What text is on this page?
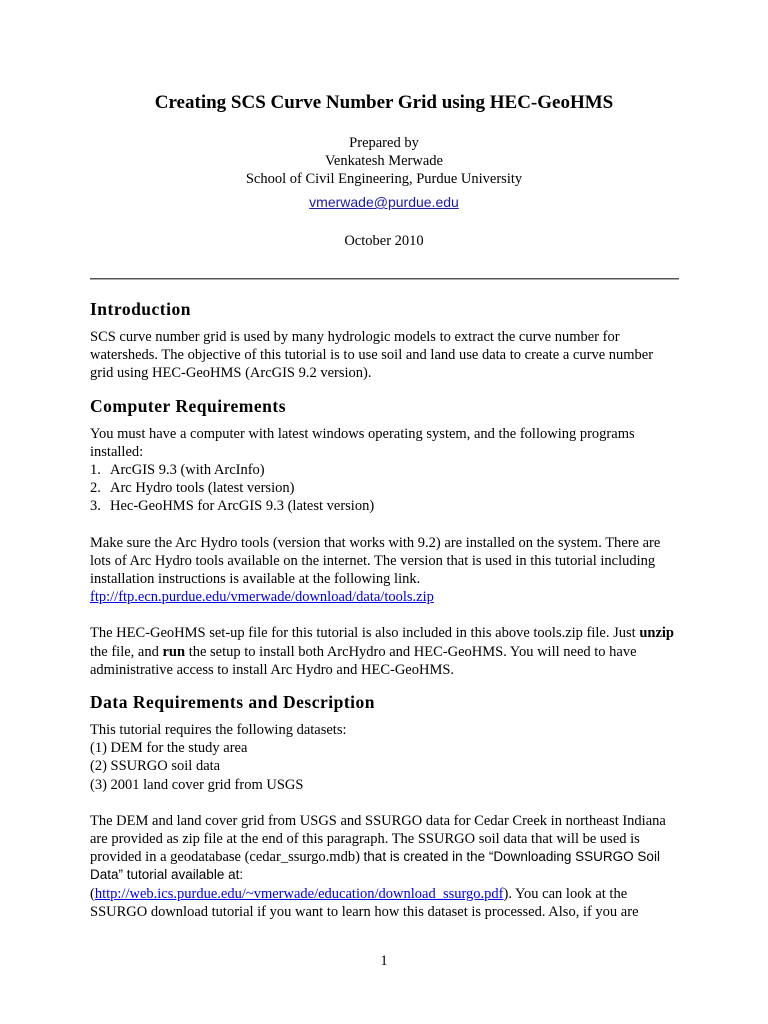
Creating SCS Curve Number Grid using HEC-GeoHMS
Prepared by
Venkatesh Merwade
School of Civil Engineering, Purdue University
vmerwade@purdue.edu
October 2010
Introduction

SCS curve number grid is used by many hydrologic models to extract the curve number for watersheds. The objective of this tutorial is to use soil and land use data to create a curve number grid using HEC-GeoHMS (ArcGIS 9.2 version).

Computer Requirements

You must have a computer with latest windows operating system, and the following programs installed:

1. ArcGIS 9.3 (with ArcInfo)
2. Arc Hydro tools (latest version)
3. Hec-GeoHMS for ArcGIS 9.3 (latest version)

Make sure the Arc Hydro tools (version that works with 9.2) are installed on the system. There are lots of Arc Hydro tools available on the internet. The version that is used in this tutorial including installation instructions is available at the following link. ftp://ftp.ecn.purdue.edu/vmerwade/download/data/tools.zip

The HEC-GeoHMS set-up file for this tutorial is also included in this above tools.zip file. Just unzip the file, and run the setup to install both ArcHydro and HEC-GeoHMS. You will need to have administrative access to install Arc Hydro and HEC-GeoHMS.

Data Requirements and Description

This tutorial requires the following datasets:

(1) DEM for the study area
(2) SSURGO soil data
(3) 2001 land cover grid from USGS

The DEM and land cover grid from USGS and SSURGO data for Cedar Creek in northeast Indiana are provided as zip file at the end of this paragraph. The SSURGO soil data that will be used is provided in a geodatabase (cedar_ssurgo.mdb) that is created in the “Downloading SSURGO Soil Data” tutorial available at:
(http://web.ics.purdue.edu/~vmerwade/education/download_ssurgo.pdf). You can look at the SSURGO download tutorial if you want to learn how this dataset is processed. Also, if you are

1
